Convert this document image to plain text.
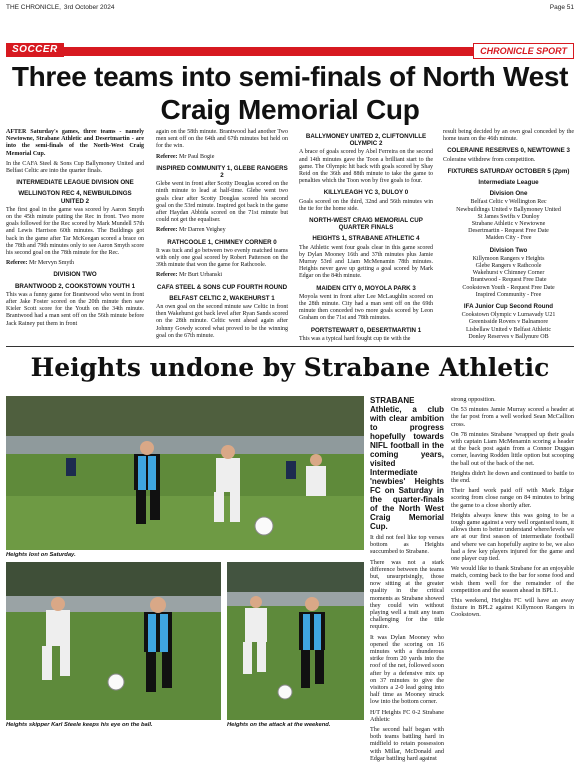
THE CHRONICLE, 3rd October 2024	Page 51
SOCCER	CHRONICLE SPORT
Three teams into semi-finals of North West Craig Memorial Cup

AFTER Saturday's games, three teams - namely Newtowne, Strabane Athletic and Desertmartin - are into the semi-finals of the North-West Craig Memorial Cup.

In the CAFA Steel & Sons Cup Ballymoney United and Belfast Celtic are into the quarter finals.

INTERMEDIATE LEAGUE DIVISION ONE
WELLINGTON REC 4, NEWBUILDINGS UNITED 2

The first goal in the game was scored by Aaron Smyth on the 45th minute putting the Rec in front. Two more goals followed for the Rec scored by Mark Mundell 57th and Lewis Harrison 60th minutes. The Buildings got back in the game after Tar McKeegan scored a brace on the 78th and 79th minutes only to see Aaron Smyth score his second goal on the 78th minute for the Rec.

Referee: Mr Mervyn Smyth

DIVISION TWO
BRANTWOOD 2, COOKSTOWN YOUTH 1

This was a funny game for Brantwood who went in front after Jake Foster scored on the 20th minute then saw Kieler Scott score for the Youth on the 34th minute. Brantwood had a man sent off on the 56th minute before Jack Rainey put them in front

again on the 58th minute. Brantwood had another Two men sent off on the 64th and 67th minutes but held on for the win.

Referee: Mr Paul Bogie

INSPIRED COMMUNITY 1, GLEBE RANGERS 2

Glebe went in front after Scotty Douglas scored on the ninth minute to lead at half-time. Glebe went two goals clear after Scotty Douglas scored his second goal on the 53rd minute. Inspired got back in the game after Haydan Abbida scored on the 71st minute but could not get the equaliser.

Referee: Mr Darren Veighey

RATHCOOLE 1, CHIMNEY CORNER 0

It was tuck and go between two evenly matched teams with only one goal scored by Robert Patterson on the 39th minute that won the game for Rathcoole.

Referee: Mr Burt Urbanski

CAFA STEEL & SONS CUP FOURTH ROUND
BELFAST CELTIC 2, WAKEHURST 1

An own goal on the second minute saw Celtic in front then Wakehurst got back level after Ryan Sands scored on the 28th minute. Celtic went ahead again after Johnny Gowdy scored what proved to be the winning goal on the 67th minute.

BALLYMONEY UNITED 2, CLIFTONVILLE OLYMPIC 2

A brace of goals scored by Abel Ferreira on the second and 14th minutes gave the Toon a brilliant start to the game. The Olympic hit back with goals scored by Shay Reid on the 36th and 88th minute to take the game to penalties which the Toon won by five goals to four.

KILLYLEAGH YC 3, DULOY 0

Goals scored on the third, 32nd and 56th minutes win the tie for the home side.

NORTH-WEST CRAIG MEMORIAL CUP QUARTER FINALS
HEIGHTS 1, STRABANE ATHLETIC 4

The Athletic went four goals clear in this game scored by Dylan Mooney 16th and 37th minutes plus Jamie Murray 53rd and Liam McMenamin 78th minutes. Heights never gave up getting a goal scored by Mark Edgar on the 84th minute.

MAIDEN CITY 0, MOYOLA PARK 3

Moyola went in front after Lee McLaughlin scored on the 28th minute. City had a man sent off on the 69th minute then conceded two more goals scored by Leon Graham on the 71st and 78th minutes.

PORTSTEWART 0, DESERTMARTIN 1

This was a typical hard fought cup tie with the

result being decided by an own goal conceded by the home team on the 46th minute.

COLERAINE RESERVES 0, NEWTOWNE 3

Coleraine withdrew from competition.

FIXTURES SATURDAY OCTOBER 5 (2pm)
Intermediate League
Division One

Belfast Celtic v Wellington Rec

Newbuildings United v Ballymoney United

St James Swifts v Dunloy

Strabane Athletic v Newtowne

Desertmartin - Request Free Date

Maiden City - Free

Division Two

Killymoon Rangers v Heights

Glebe Rangers v Rathcoole

Wakehurst v Chimney Corner

Brantwood - Request Free Date

Cookstown Youth - Request Free Date

Inspired Community - Free

IFA Junior Cup Second Round

Cookstown Olympic v Lurnavady U21

Greenisside Rovers v Balnamore

Lisbellaw United v Belfast Athletic

Donley Reserves v Ballynure OB

Heights undone by Strabane Athletic
Heights lost on Saturday.
Heights skipper Karl Steele keeps his eye on the ball.	Heights on the attack at the weekend.

STRABANE Athletic, a club with clear ambition to progress hopefully towards NIFL football in the coming years, visited Intermediate 'newbies' Heights FC on Saturday in the quarter-finals of the North West Craig Memorial Cup.

It did not feel like top verses bottom as Heights succumbed to Strabane.

There was not a stark difference between the teams but, unsurprisingly, those now sitting at the greater quality in the critical moments as Strabane showed they could win without playing well a trait any team challenging for the title require.

It was Dylan Mooney who opened the scoring on 16 minutes with a thunderous strike from 20 yards into the roof of the net, followed soon after by a defensive mix up on 37 minutes to give the visitors a 2-0 lead going into half time as Mooney struck low into the bottom corner.

H/T Heights FC 0-2 Strabane Athletic

The second half began with both teams battling hard in midfield to retain possession with Millar, McDonald and Edgar battling hard against

strong opposition.

On 53 minutes Jamie Murray scored a header at the far post from a well worked Sean McCallion cross.

On 78 minutes Strabane 'wrapped up their goals with captain Liam McMenamin scoring a header at the back post again from a Connor Duggan corner, leaving Rodden little option but scooping the ball out of the back of the net.

Heights didn't lie down and continued to battle to the end.

Their hard work paid off with Mark Edgar scoring from close range on 84 minutes to bring the game to a close shortly after.

Heights always knew this was going to be a tough game against a very well organised team, it allows them to better understand where/levels we are at our first season of intermediate football and where we can hopefully aspire to be, we also had a few key players injured for the game and one player cup tied.

We would like to thank Strabane for an enjoyable match, coming back to the bar for some food and wish them well for the remainder of the competition and the season ahead in BPL1.

This weekend, Heights FC will have an away fixture in BPL2 against Killymoon Rangers in Cookstown.
